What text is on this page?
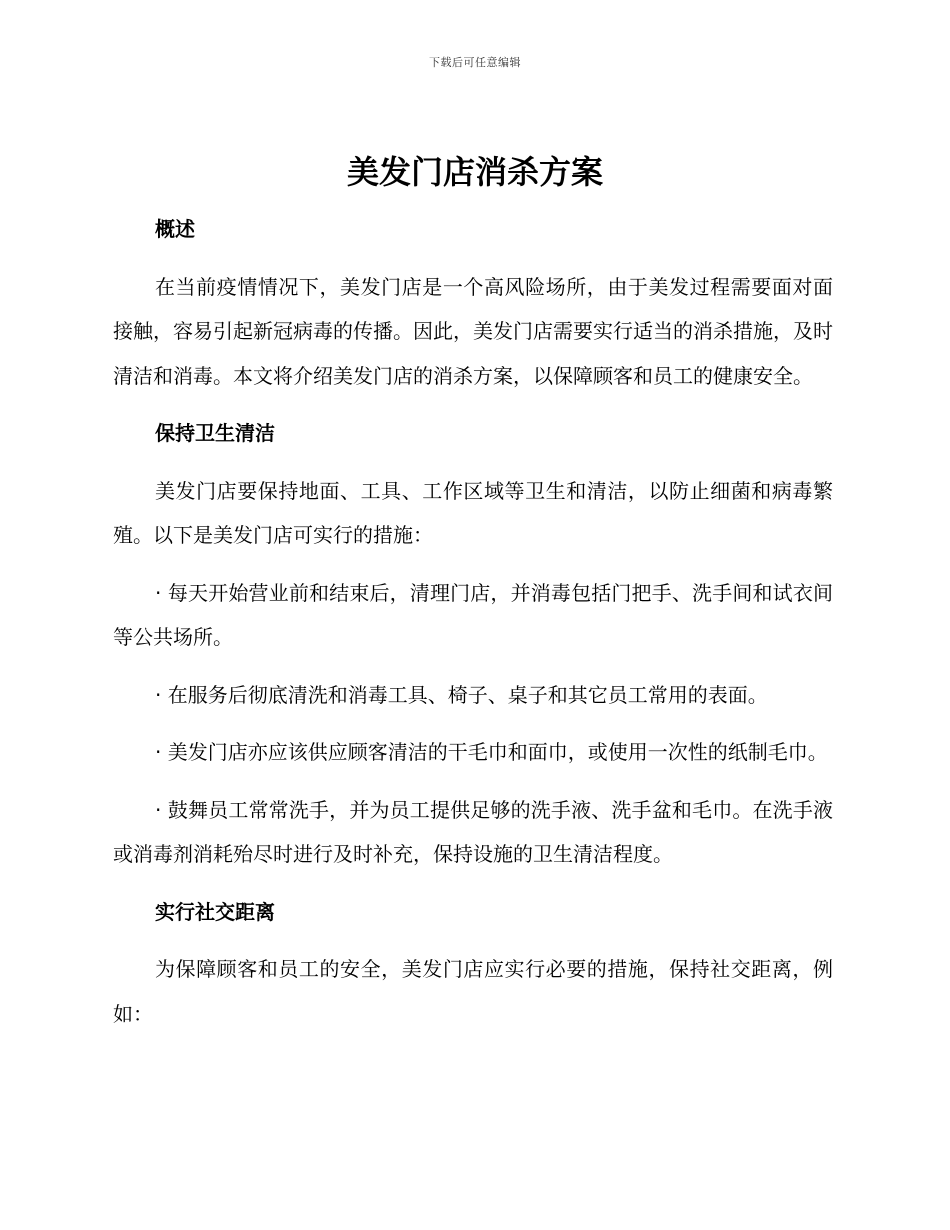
下载后可任意编辑
美发门店消杀方案
概述

在当前疫情情况下，美发门店是一个高风险场所，由于美发过程需要面对面接触，容易引起新冠病毒的传播。因此，美发门店需要实行适当的消杀措施，及时清洁和消毒。本文将介绍美发门店的消杀方案，以保障顾客和员工的健康安全。

保持卫生清洁

美发门店要保持地面、工具、工作区域等卫生和清洁，以防止细菌和病毒繁殖。以下是美发门店可实行的措施：

· 每天开始营业前和结束后，清理门店，并消毒包括门把手、洗手间和试衣间等公共场所。

· 在服务后彻底清洗和消毒工具、椅子、桌子和其它员工常用的表面。

· 美发门店亦应该供应顾客清洁的干毛巾和面巾，或使用一次性的纸制毛巾。

· 鼓舞员工常常洗手，并为员工提供足够的洗手液、洗手盆和毛巾。在洗手液或消毒剂消耗殆尽时进行及时补充，保持设施的卫生清洁程度。

实行社交距离

为保障顾客和员工的安全，美发门店应实行必要的措施，保持社交距离，例如：
